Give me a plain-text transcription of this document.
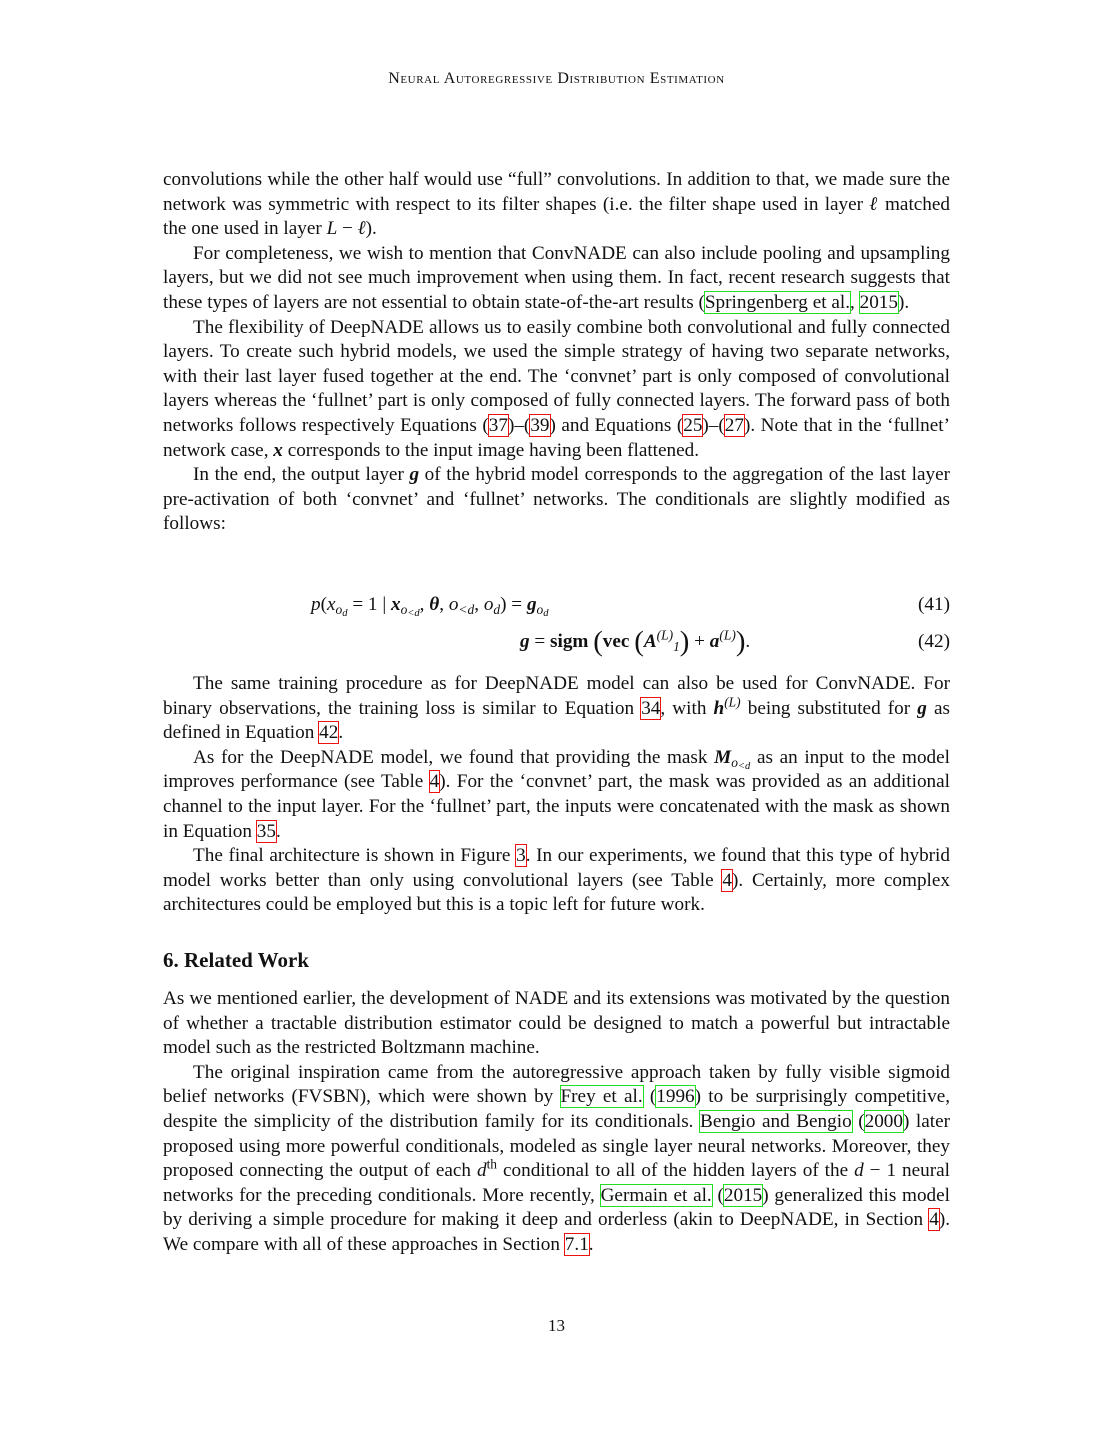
Neural Autoregressive Distribution Estimation

convolutions while the other half would use “full” convolutions. In addition to that, we made sure the network was symmetric with respect to its filter shapes (i.e. the filter shape used in layer ℓ matched the one used in layer L − ℓ).

For completeness, we wish to mention that ConvNADE can also include pooling and upsampling layers, but we did not see much improvement when using them. In fact, recent research suggests that these types of layers are not essential to obtain state-of-the-art results (Springenberg et al., 2015).

The flexibility of DeepNADE allows us to easily combine both convolutional and fully connected layers. To create such hybrid models, we used the simple strategy of having two separate networks, with their last layer fused together at the end. The ‘convnet’ part is only composed of convolutional layers whereas the ‘fullnet’ part is only composed of fully connected layers. The forward pass of both networks follows respectively Equations (37)–(39) and Equations (25)–(27). Note that in the ‘fullnet’ network case, x corresponds to the input image having been flattened.

In the end, the output layer g of the hybrid model corresponds to the aggregation of the last layer pre-activation of both ‘convnet’ and ‘fullnet’ networks. The conditionals are slightly modified as follows:

$p(x_{od} = 1$ | $x_{o<d}$, θ, $o_{<d}$, $o_d) = g_{od}$	(41)
g = sigm (vec $(A^{(L)}_1) + a^{(L)}$).	(42)

The same training procedure as for DeepNADE model can also be used for ConvNADE. For binary observations, the training loss is similar to Equation 34, with $h^{(L)}$ being substituted for g as defined in Equation 42.

As for the DeepNADE model, we found that providing the mask $M_{o<d}$ as an input to the model improves performance (see Table 4). For the ‘convnet’ part, the mask was provided as an additional channel to the input layer. For the ‘fullnet’ part, the inputs were concatenated with the mask as shown in Equation 35.

The final architecture is shown in Figure 3. In our experiments, we found that this type of hybrid model works better than only using convolutional layers (see Table 4). Certainly, more complex architectures could be employed but this is a topic left for future work.

6. Related Work

As we mentioned earlier, the development of NADE and its extensions was motivated by the question of whether a tractable distribution estimator could be designed to match a powerful but intractable model such as the restricted Boltzmann machine.

The original inspiration came from the autoregressive approach taken by fully visible sigmoid belief networks (FVSBN), which were shown by Frey et al. (1996) to be surprisingly competitive, despite the simplicity of the distribution family for its conditionals. Bengio and Bengio (2000) later proposed using more powerful conditionals, modeled as single layer neural networks. Moreover, they proposed connecting the output of each $d^{th}$ conditional to all of the hidden layers of the d − 1 neural networks for the preceding conditionals. More recently, Germain et al. (2015) generalized this model by deriving a simple procedure for making it deep and orderless (akin to DeepNADE, in Section 4). We compare with all of these approaches in Section 7.1.

13
